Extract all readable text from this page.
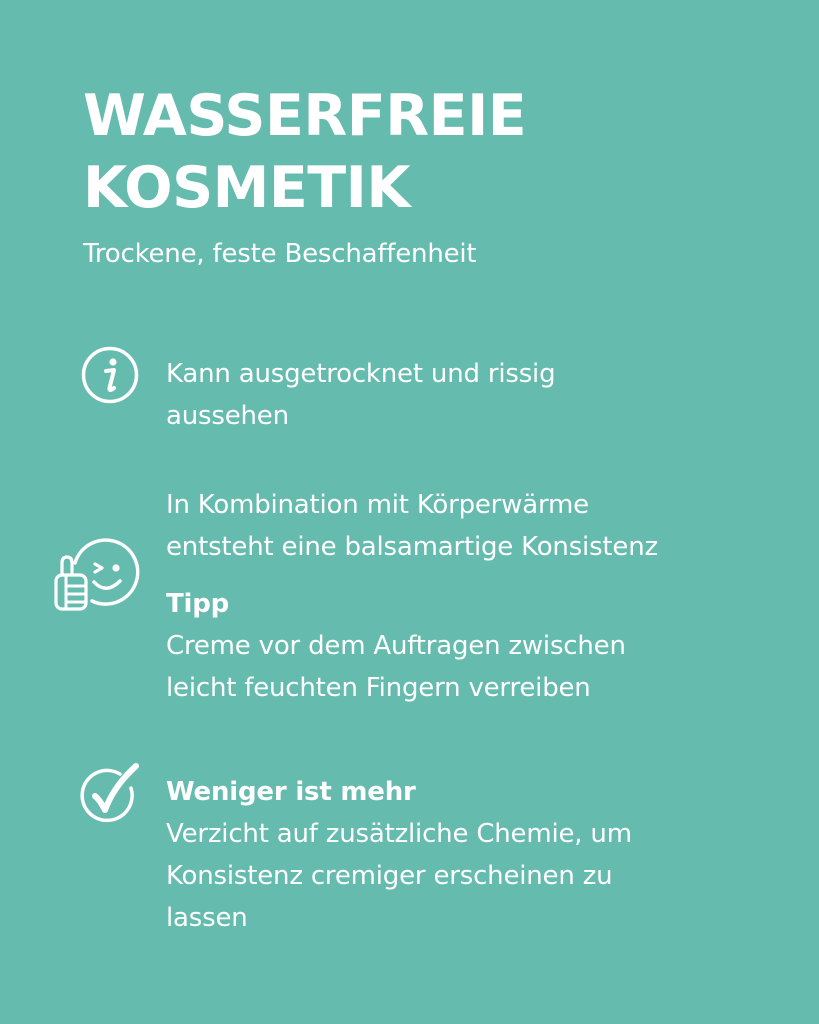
WASSERFREIE
KOSMETIK

Trockene, feste Beschaffenheit

Kann ausgetrocknet und rissig
aussehen

In Kombination mit Körperwärme
entsteht eine balsamartige Konsistenz

Tipp

Creme vor dem Auftragen zwischen
leicht feuchten Fingern verreiben

Weniger ist mehr

Verzicht auf zusätzliche Chemie, um
Konsistenz cremiger erscheinen zu
lassen
